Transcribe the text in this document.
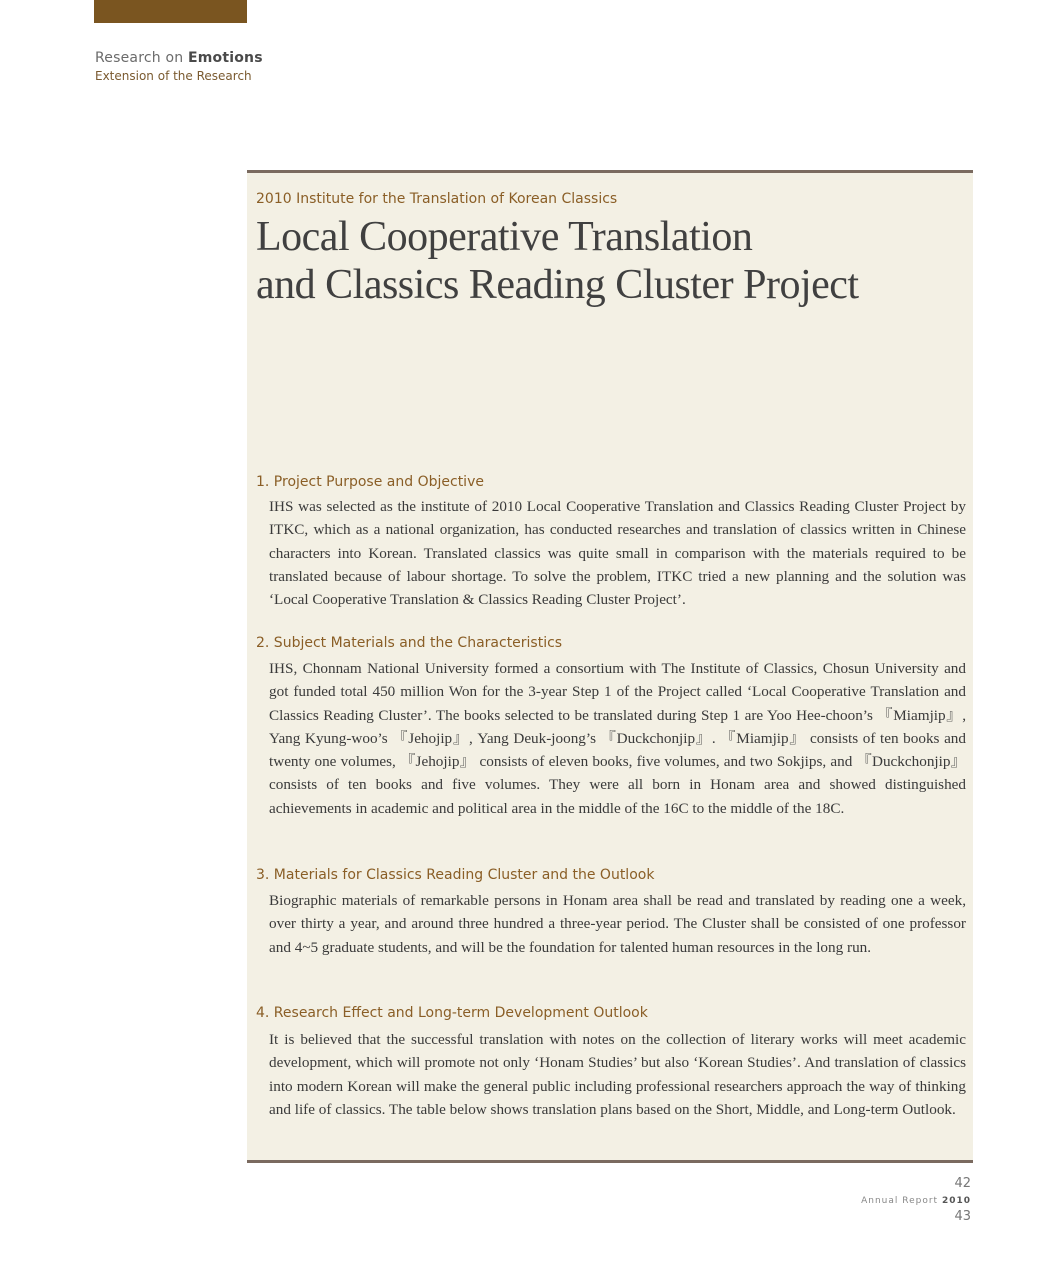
Research on Emotions
Extension of the Research
2010 Institute for the Translation of Korean Classics
Local Cooperative Translation
and Classics Reading Cluster Project
1. Project Purpose and Objective

IHS was selected as the institute of 2010 Local Cooperative Translation and Classics Reading Cluster Project by ITKC, which as a national organization, has conducted researches and translation of classics written in Chinese characters into Korean. Translated classics was quite small in comparison with the materials required to be translated because of labour shortage. To solve the problem, ITKC tried a new planning and the solution was ‘Local Cooperative Translation & Classics Reading Cluster Project’.

2. Subject Materials and the Characteristics

IHS, Chonnam National University formed a consortium with The Institute of Classics, Chosun University and got funded total 450 million Won for the 3-year Step 1 of the Project called ‘Local Cooperative Translation and Classics Reading Cluster’. The books selected to be translated during Step 1 are Yoo Hee-choon’s 『Miamjip』, Yang Kyung-woo’s 『Jehojip』, Yang Deuk-joong’s 『Duckchonjip』. 『Miamjip』 consists of ten books and twenty one volumes, 『Jehojip』 consists of eleven books, five volumes, and two Sokjips, and 『Duckchonjip』 consists of ten books and five volumes. They were all born in Honam area and showed distinguished achievements in academic and political area in the middle of the 16C to the middle of the 18C.

3. Materials for Classics Reading Cluster and the Outlook

Biographic materials of remarkable persons in Honam area shall be read and translated by reading one a week, over thirty a year, and around three hundred a three-year period. The Cluster shall be consisted of one professor and 4~5 graduate students, and will be the foundation for talented human resources in the long run.

4. Research Effect and Long-term Development Outlook

It is believed that the successful translation with notes on the collection of literary works will meet academic development, which will promote not only ‘Honam Studies’ but also ‘Korean Studies’. And translation of classics into modern Korean will make the general public including professional researchers approach the way of thinking and life of classics. The table below shows translation plans based on the Short, Middle, and Long-term Outlook.

42
Annual Report 2010
43
